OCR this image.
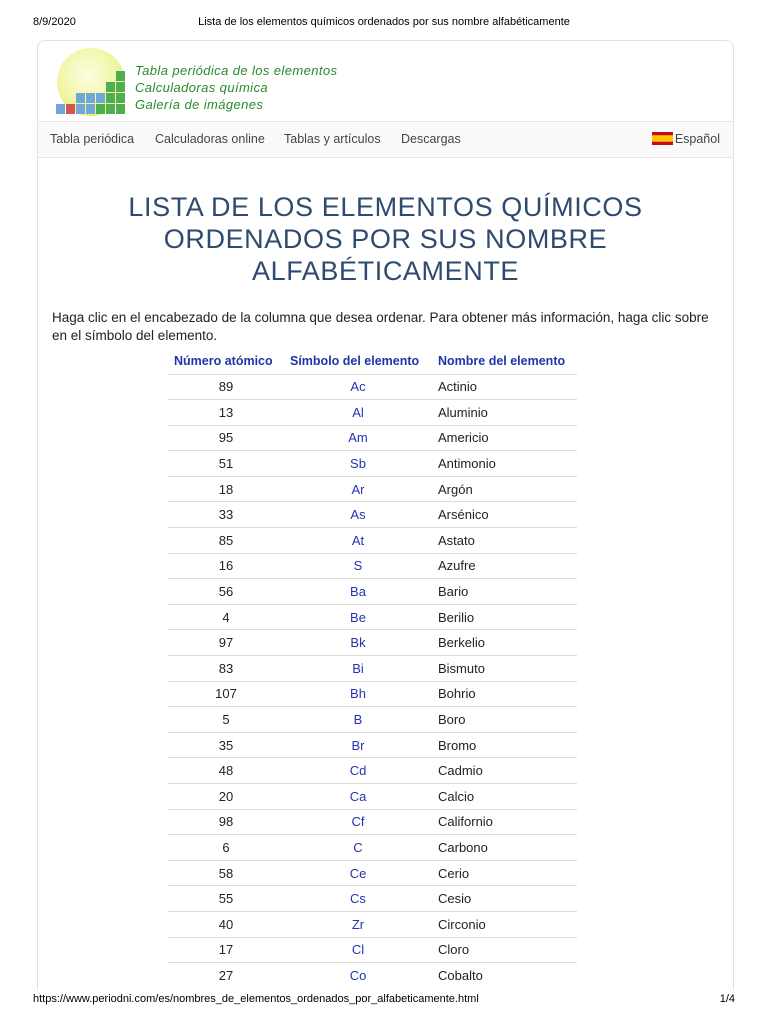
8/9/2020	Lista de los elementos químicos ordenados por sus nombre alfabéticamente
Tabla periódica de los elementos
Calculadoras química
Galería de imágenes
Tabla periódica Calculadoras online Tablas y artículos Descargas	Español
LISTA DE LOS ELEMENTOS QUÍMICOS
ORDENADOS POR SUS NOMBRE
ALFABÉTICAMENTE

Haga clic en el encabezado de la columna que desea ordenar. Para obtener más información, haga clic sobre en el símbolo del elemento.

Número atómico	Símbolo del elemento	Nombre del elemento
89	Ac	Actinio
13	Al	Aluminio
95	Am	Americio
51	Sb	Antimonio
18	Ar	Argón
33	As	Arsénico
85	At	Astato
16	S	Azufre
56	Ba	Bario
4	Be	Berilio
97	Bk	Berkelio
83	Bi	Bismuto
107	Bh	Bohrio
5	B	Boro
35	Br	Bromo
48	Cd	Cadmio
20	Ca	Calcio
98	Cf	Californio
6	C	Carbono
58	Ce	Cerio
55	Cs	Cesio
40	Zr	Circonio
17	Cl	Cloro
27	Co	Cobalto
https://www.periodni.com/es/nombres_de_elementos_ordenados_por_alfabeticamente.html	1/4
